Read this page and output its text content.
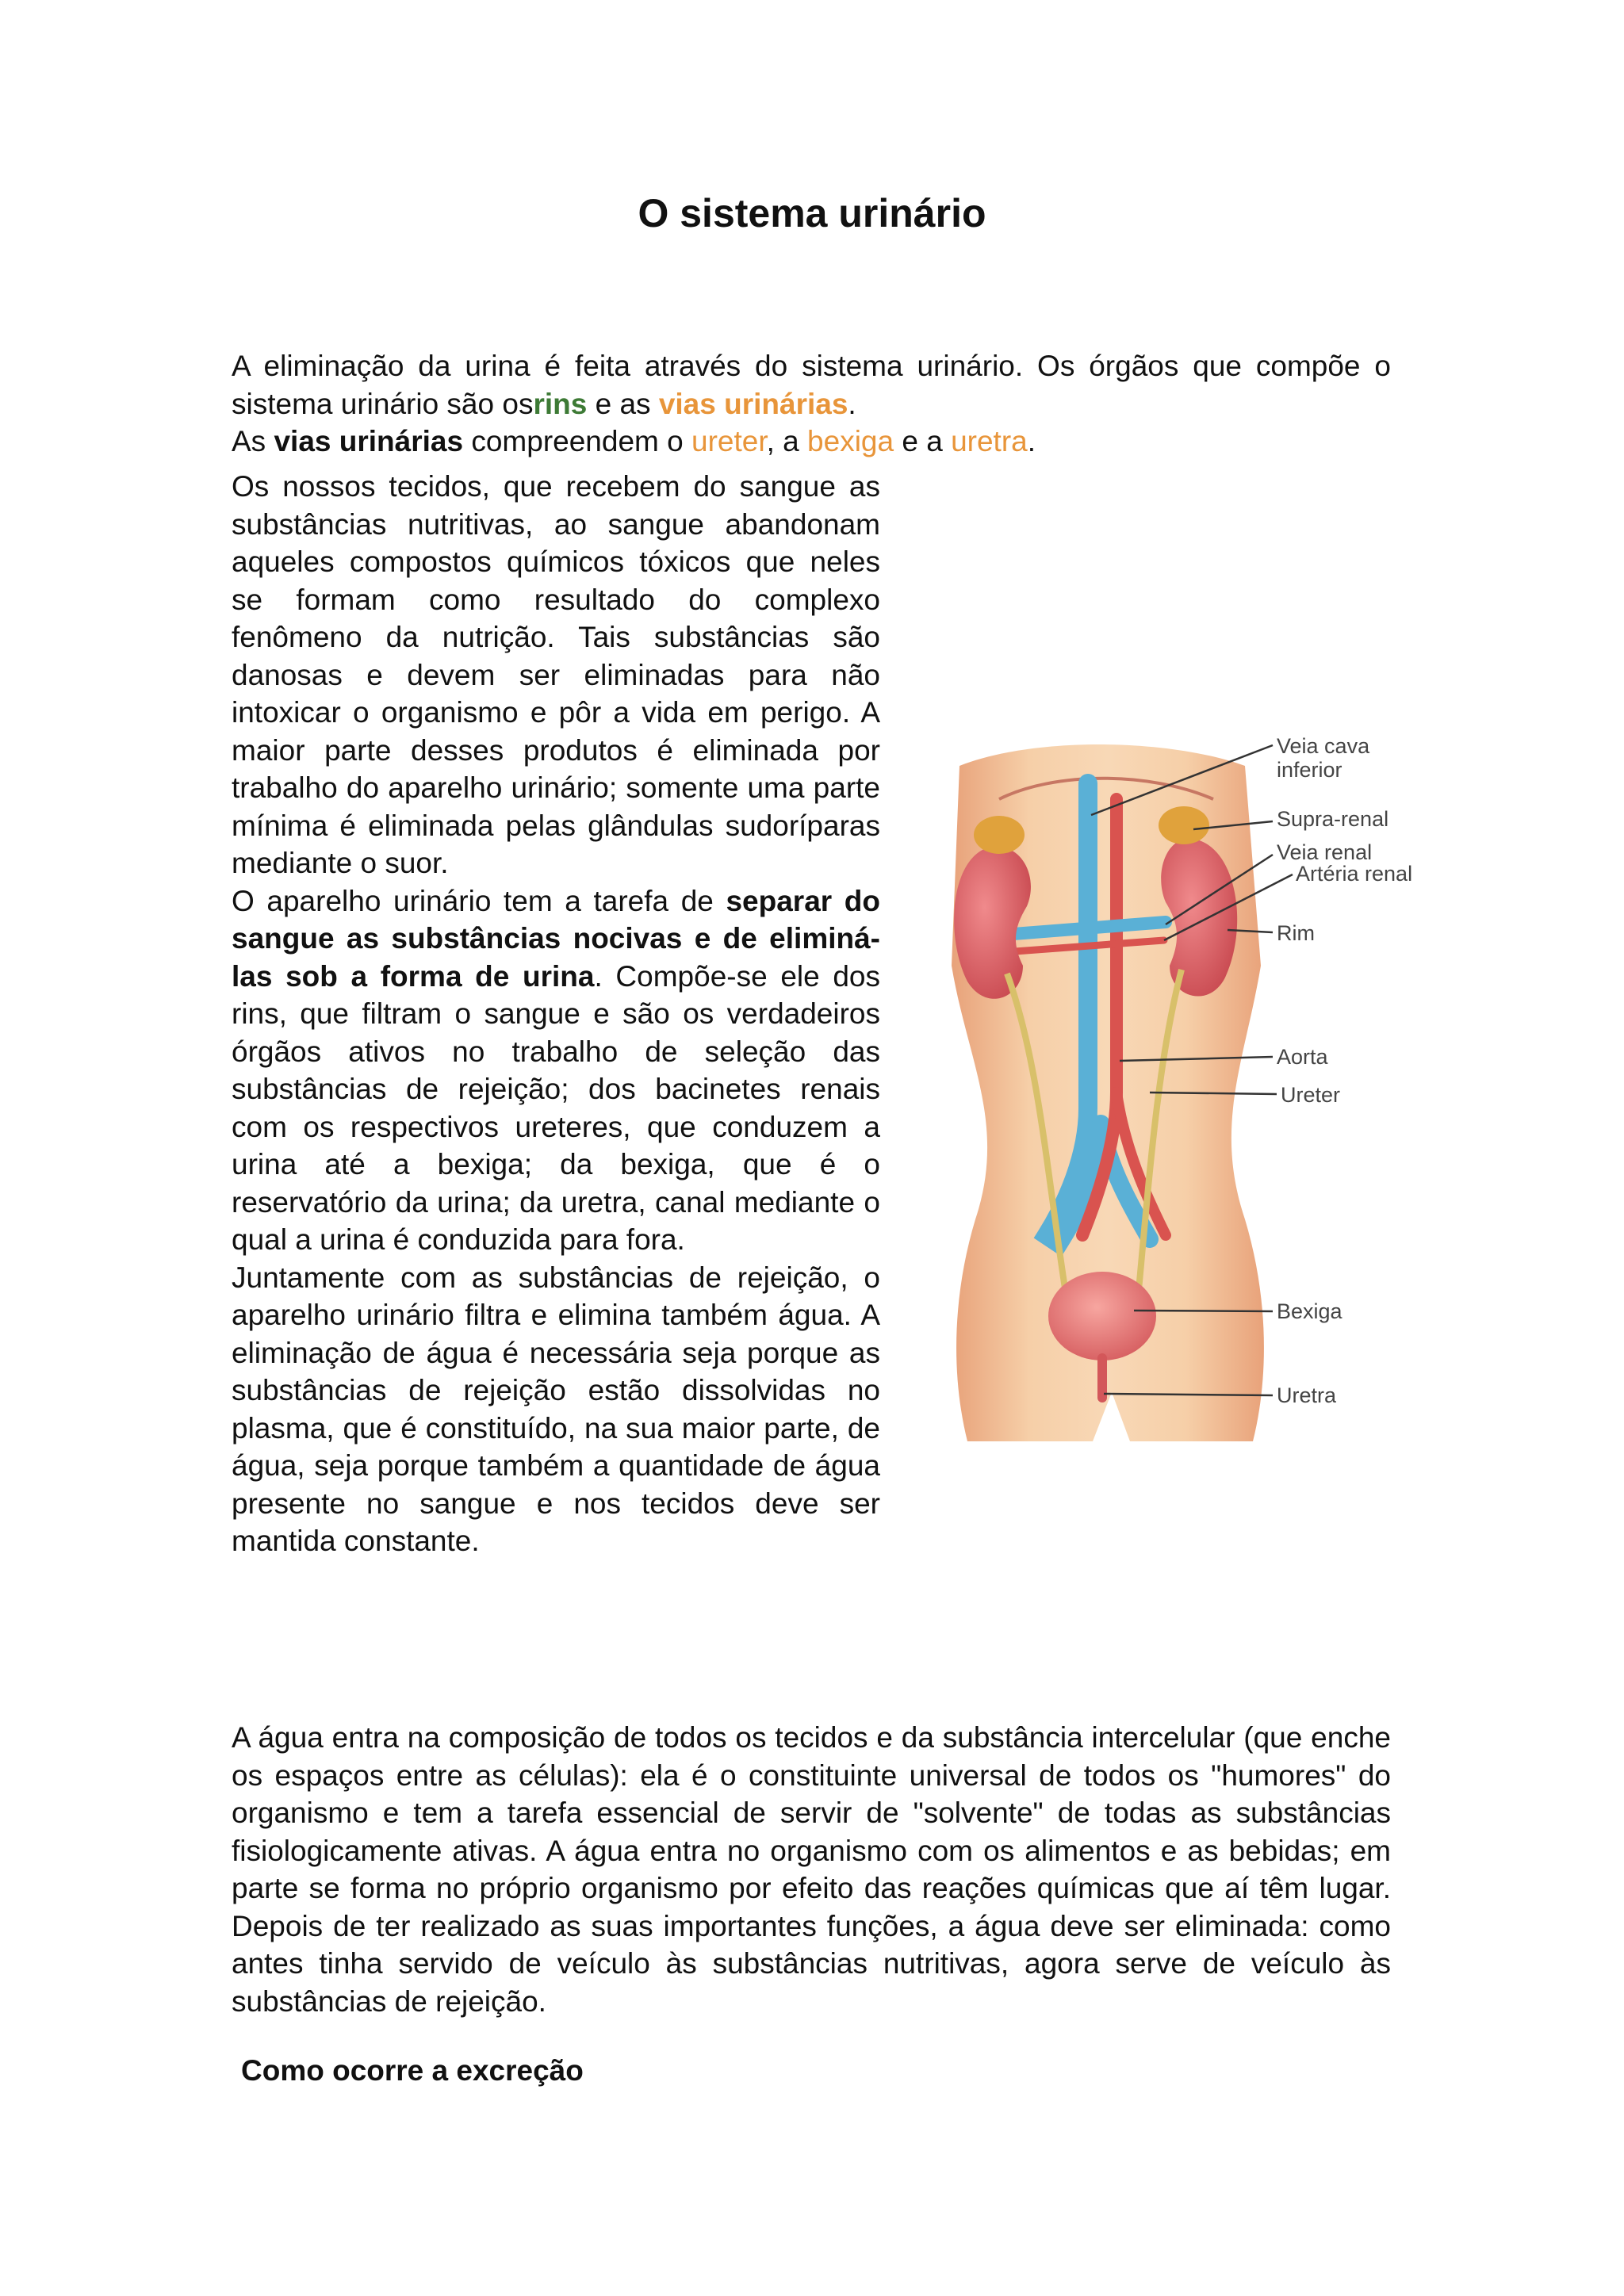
O sistema urinário

A eliminação da urina é feita através do sistema urinário. Os órgãos que compõe o sistema urinário são osrins e as vias urinárias.
As vias urinárias compreendem o ureter, a bexiga e a uretra.

Os nossos tecidos, que recebem do sangue as substâncias nutritivas, ao sangue abandonam aqueles compostos químicos tóxicos que neles se formam como resultado do complexo fenômeno da nutrição. Tais substâncias são danosas e devem ser eliminadas para não intoxicar o organismo e pôr a vida em perigo. A maior parte desses produtos é eliminada por trabalho do aparelho urinário; somente uma parte mínima é eliminada pelas glândulas sudoríparas mediante o suor.

O aparelho urinário tem a tarefa de separar do sangue as substâncias nocivas e de eliminá-las sob a forma de urina. Compõe-se ele dos rins, que filtram o sangue e são os verdadeiros órgãos ativos no trabalho de seleção das substâncias de rejeição; dos bacinetes renais com os respectivos ureteres, que conduzem a urina até a bexiga; da bexiga, que é o reservatório da urina; da uretra, canal mediante o qual a urina é conduzida para fora.

Juntamente com as substâncias de rejeição, o aparelho urinário filtra e elimina também água. A eliminação de água é necessária seja porque as substâncias de rejeição estão dissolvidas no plasma, que é constituído, na sua maior parte, de água, seja porque também a quantidade de água presente no sangue e nos tecidos deve ser mantida constante.

Veia cava
inferior
Supra-renal
Veia renal
Artéria renal
Rim
Aorta
Ureter
Bexiga
Uretra

A água entra na composição de todos os tecidos e da substância intercelular (que enche os espaços entre as células): ela é o constituinte universal de todos os "humores" do organismo e tem a tarefa essencial de servir de "solvente" de todas as substâncias fisiologicamente ativas. A água entra no organismo com os alimentos e as bebidas; em parte se forma no próprio organismo por efeito das reações químicas que aí têm lugar. Depois de ter realizado as suas importantes funções, a água deve ser eliminada: como antes tinha servido de veículo às substâncias nutritivas, agora serve de veículo às substâncias de rejeição.

Como ocorre a excreção
